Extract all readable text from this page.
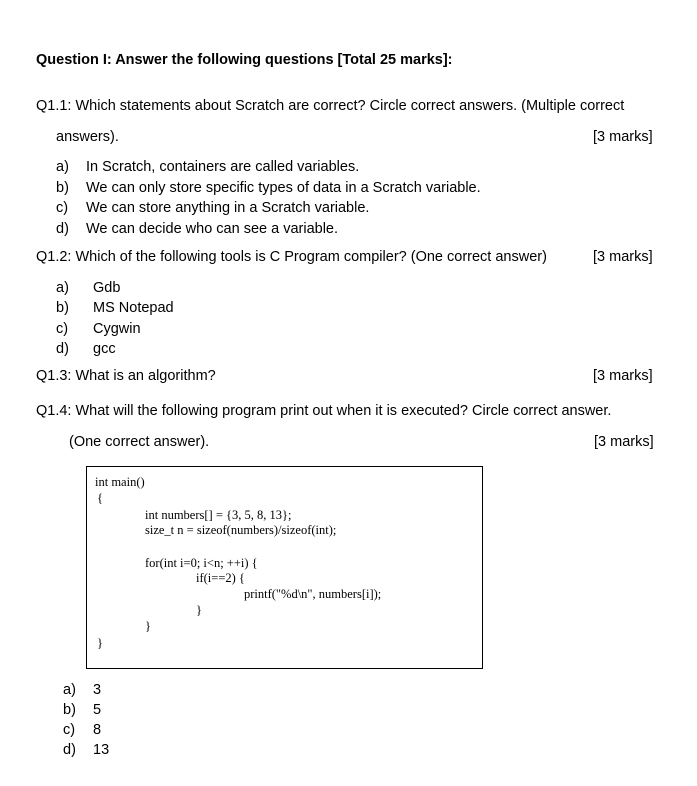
Question I: Answer the following questions [Total 25 marks]:
Q1.1: Which statements about Scratch are correct? Circle correct answers. (Multiple correct
answers).	[3 marks]
a) In Scratch, containers are called variables.
b) We can only store specific types of data in a Scratch variable.
c) We can store anything in a Scratch variable.
d) We can decide who can see a variable.
Q1.2: Which of the following tools is C Program compiler? (One correct answer)	[3 marks]
a) Gdb
b) MS Notepad
c) Cygwin
d) gcc
Q1.3: What is an algorithm?	[3 marks]
Q1.4: What will the following program print out when it is executed? Circle correct answer.
(One correct answer).	[3 marks]
int main()
{
int numbers[] = {3, 5, 8, 13};
size_t n = sizeof(numbers)/sizeof(int);
for(int i=0; i<n; ++i) {
if(i==2) {
printf("%d\n", numbers[i]);
}
}
}
a) 3
b) 5
c) 8
d) 13
